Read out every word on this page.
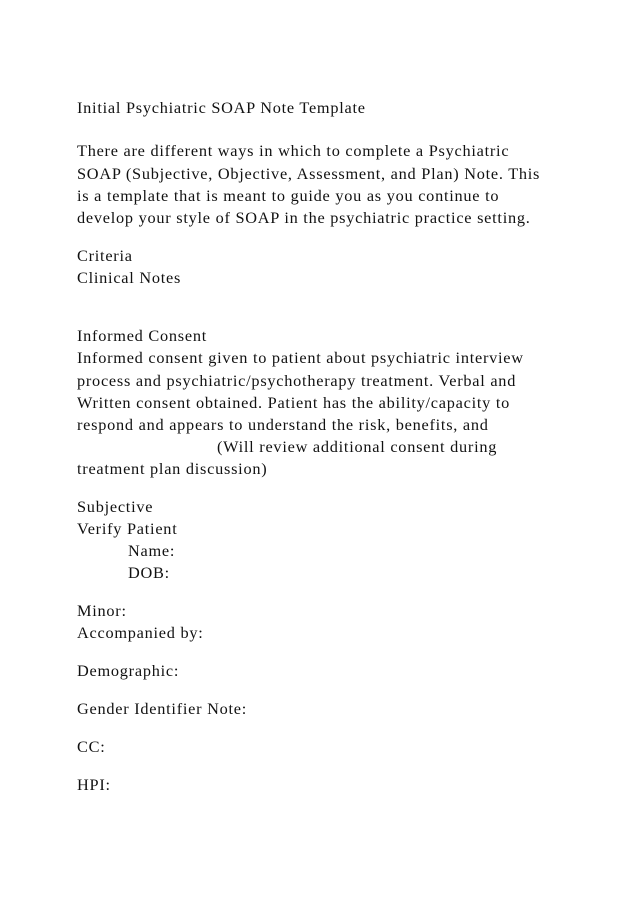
Initial Psychiatric SOAP Note Template
There are different ways in which to complete a Psychiatric
SOAP (Subjective, Objective, Assessment, and Plan) Note. This
is a template that is meant to guide you as you continue to
develop your style of SOAP in the psychiatric practice setting.
Criteria
Clinical Notes
Informed Consent
Informed consent given to patient about psychiatric interview
process and psychiatric/psychotherapy treatment. Verbal and
Written consent obtained. Patient has the ability/capacity to
respond and appears to understand the risk, benefits, and
(Will review additional consent during
treatment plan discussion)
Subjective
Verify Patient
Name:
DOB:
Minor:
Accompanied by:
Demographic:
Gender Identifier Note:
CC:
HPI:
